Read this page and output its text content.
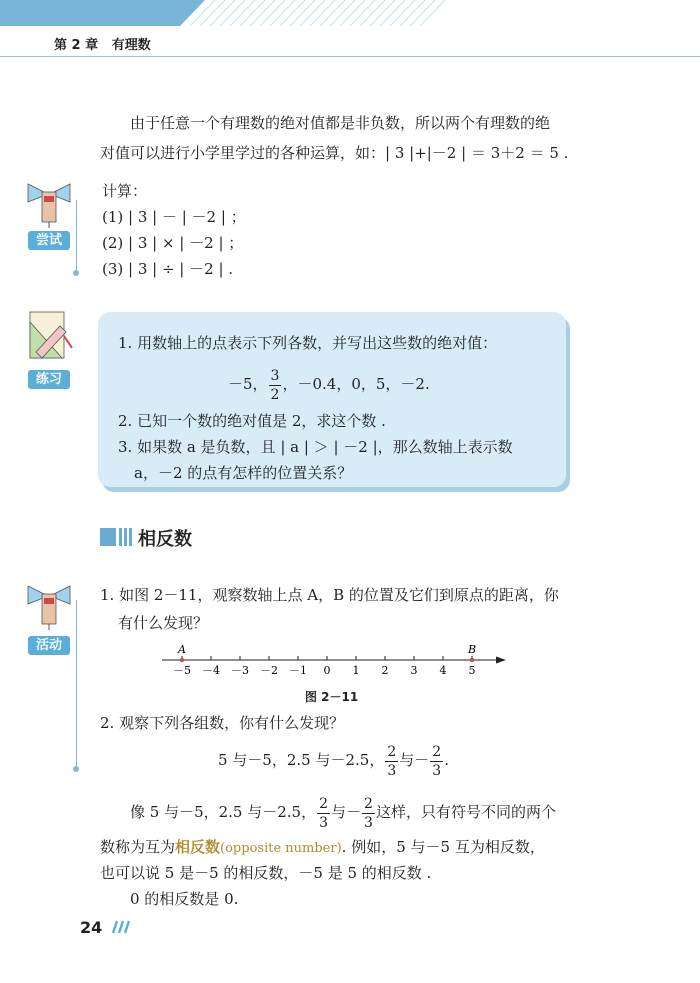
第 2 章 有理数
由于任意一个有理数的绝对值都是非负数，所以两个有理数的绝
对值可以进行小学里学过的各种运算，如：| 3 |+|－2 | ＝ 3＋2 ＝ 5 .
尝试
计算：
(1) | 3 | － | －2 | ；
(2) | 3 | × | －2 | ；
(3) | 3 | ÷ | －2 | .
练习
1. 用数轴上的点表示下列各数，并写出这些数的绝对值：
－5， $\frac{3}{2}$ ，－0.4，0，5，－2.
2. 已知一个数的绝对值是 2，求这个数 .
3. 如果数 a 是负数，且 | a | ＞ | －2 |，那么数轴上表示数
a，－2 的点有怎样的位置关系？
相反数
活动
1. 如图 2－11，观察数轴上点 A，B 的位置及它们到原点的距离，你
有什么发现？
－5 －4 －3 －2 －1 0 1 2 3 4 5
A	B
图 2－11
2. 观察下列各组数，你有什么发现？
5 与－5，2.5 与－2.5， $\frac{2}{3}$ 与－ $\frac{2}{3}$ .
像 5 与－5，2.5 与－2.5， $\frac{2}{3}$ 与－ $\frac{2}{3}$ 这样，只有符号不同的两个
数称为互为相反数(opposite number). 例如，5 与－5 互为相反数，
也可以说 5 是－5 的相反数，－5 是 5 的相反数 .
0 的相反数是 0.
24
